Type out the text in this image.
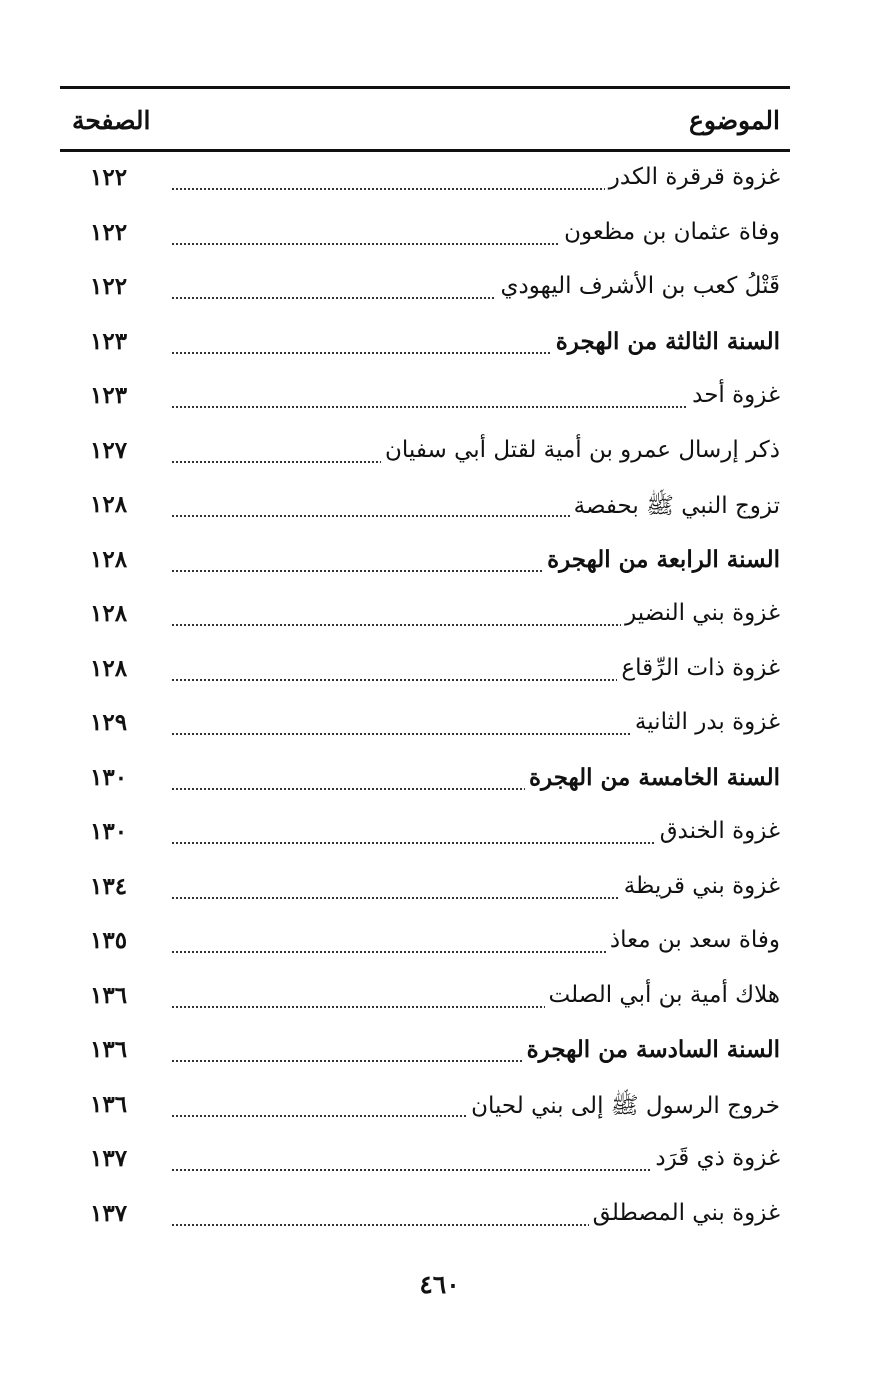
الموضوع
الصفحة
غزوة قرقرة الكدر
١٢٢
وفاة عثمان بن مظعون
١٢٢
قَتْلُ كعب بن الأشرف اليهودي
١٢٢
السنة الثالثة من الهجرة
١٢٣
غزوة أحد
١٢٣
ذكر إرسال عمرو بن أمية لقتل أبي سفيان
١٢٧
تزوج النبي ﷺ بحفصة
١٢٨
السنة الرابعة من الهجرة
١٢٨
غزوة بني النضير
١٢٨
غزوة ذات الرِّقاع
١٢٨
غزوة بدر الثانية
١٢٩
السنة الخامسة من الهجرة
١٣٠
غزوة الخندق
١٣٠
غزوة بني قريظة
١٣٤
وفاة سعد بن معاذ
١٣٥
هلاك أمية بن أبي الصلت
١٣٦
السنة السادسة من الهجرة
١٣٦
خروج الرسول ﷺ إلى بني لحيان
١٣٦
غزوة ذي قَرَد
١٣٧
غزوة بني المصطلق
١٣٧
٤٦٠
